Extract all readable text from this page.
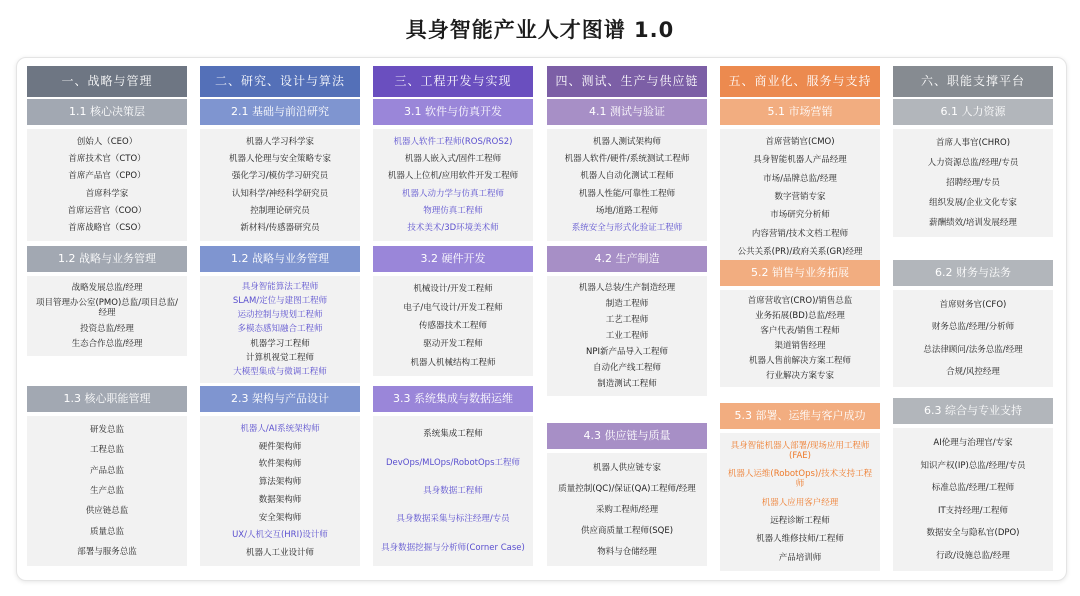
具身智能产业人才图谱 1.0
一、战略与管理
1.1 核心决策层
创始人（CEO）
首席技术官（CTO）
首席产品官（CPO）
首席科学家
首席运营官（COO）
首席战略官（CSO）
1.2 战略与业务管理
战略发展总监/经理
项目管理办公室(PMO)总监/项目总监/经理
投资总监/经理
生态合作总监/经理
1.3 核心职能管理
研发总监
工程总监
产品总监
生产总监
供应链总监
质量总监
部署与服务总监
二、研究、设计与算法
2.1 基础与前沿研究
机器人学习科学家
机器人伦理与安全策略专家
强化学习/模仿学习研究员
认知科学/神经科学研究员
控制理论研究员
新材料/传感器研究员
1.2 战略与业务管理
具身智能算法工程师
SLAM/定位与建图工程师
运动控制与规划工程师
多模态感知融合工程师
机器学习工程师
计算机视觉工程师
大模型集成与微调工程师
2.3 架构与产品设计
机器人/AI系统架构师
硬件架构师
软件架构师
算法架构师
数据架构师
安全架构师
UX/人机交互(HRI)设计师
机器人工业设计师
三、工程开发与实现
3.1 软件与仿真开发
机器人软件工程师(ROS/ROS2)
机器人嵌入式/固件工程师
机器人上位机/应用软件开发工程师
机器人动力学与仿真工程师
物理仿真工程师
技术美术/3D环境美术师
3.2 硬件开发
机械设计/开发工程师
电子/电气设计/开发工程师
传感器技术工程师
驱动开发工程师
机器人机械结构工程师
3.3 系统集成与数据运维
系统集成工程师
DevOps/MLOps/RobotOps工程师
具身数据工程师
具身数据采集与标注经理/专员
具身数据挖掘与分析师(Corner Case)
四、测试、生产与供应链
4.1 测试与验证
机器人测试架构师
机器人软件/硬件/系统测试工程师
机器人自动化测试工程师
机器人性能/可靠性工程师
场地/道路工程师
系统安全与形式化验证工程师
4.2 生产制造
机器人总装/生产制造经理
制造工程师
工艺工程师
工业工程师
NPI新产品导入工程师
自动化产线工程师
制造测试工程师
4.3 供应链与质量
机器人供应链专家
质量控制(QC)/保证(QA)工程师/经理
采购工程师/经理
供应商质量工程师(SQE)
物料与仓储经理
五、商业化、服务与支持
5.1 市场营销
首席营销官(CMO)
具身智能机器人产品经理
市场/品牌总监/经理
数字营销专家
市场研究分析师
内容营销/技术文档工程师
公共关系(PR)/政府关系(GR)经理
5.2 销售与业务拓展
首席营收官(CRO)/销售总监
业务拓展(BD)总监/经理
客户代表/销售工程师
渠道销售经理
机器人售前解决方案工程师
行业解决方案专家
5.3 部署、运维与客户成功
具身智能机器人部署/现场应用工程师(FAE)
机器人运维(RobotOps)/技术支持工程师
机器人应用客户经理
远程诊断工程师
机器人维修技师/工程师
产品培训师
六、职能支撑平台
6.1 人力资源
首席人事官(CHRO)
人力资源总监/经理/专员
招聘经理/专员
组织发展/企业文化专家
薪酬绩效/培训发展经理
6.2 财务与法务
首席财务官(CFO)
财务总监/经理/分析师
总法律顾问/法务总监/经理
合规/风控经理
6.3 综合与专业支持
AI伦理与治理官/专家
知识产权(IP)总监/经理/专员
标准总监/经理/工程师
IT支持经理/工程师
数据安全与隐私官(DPO)
行政/设施总监/经理
